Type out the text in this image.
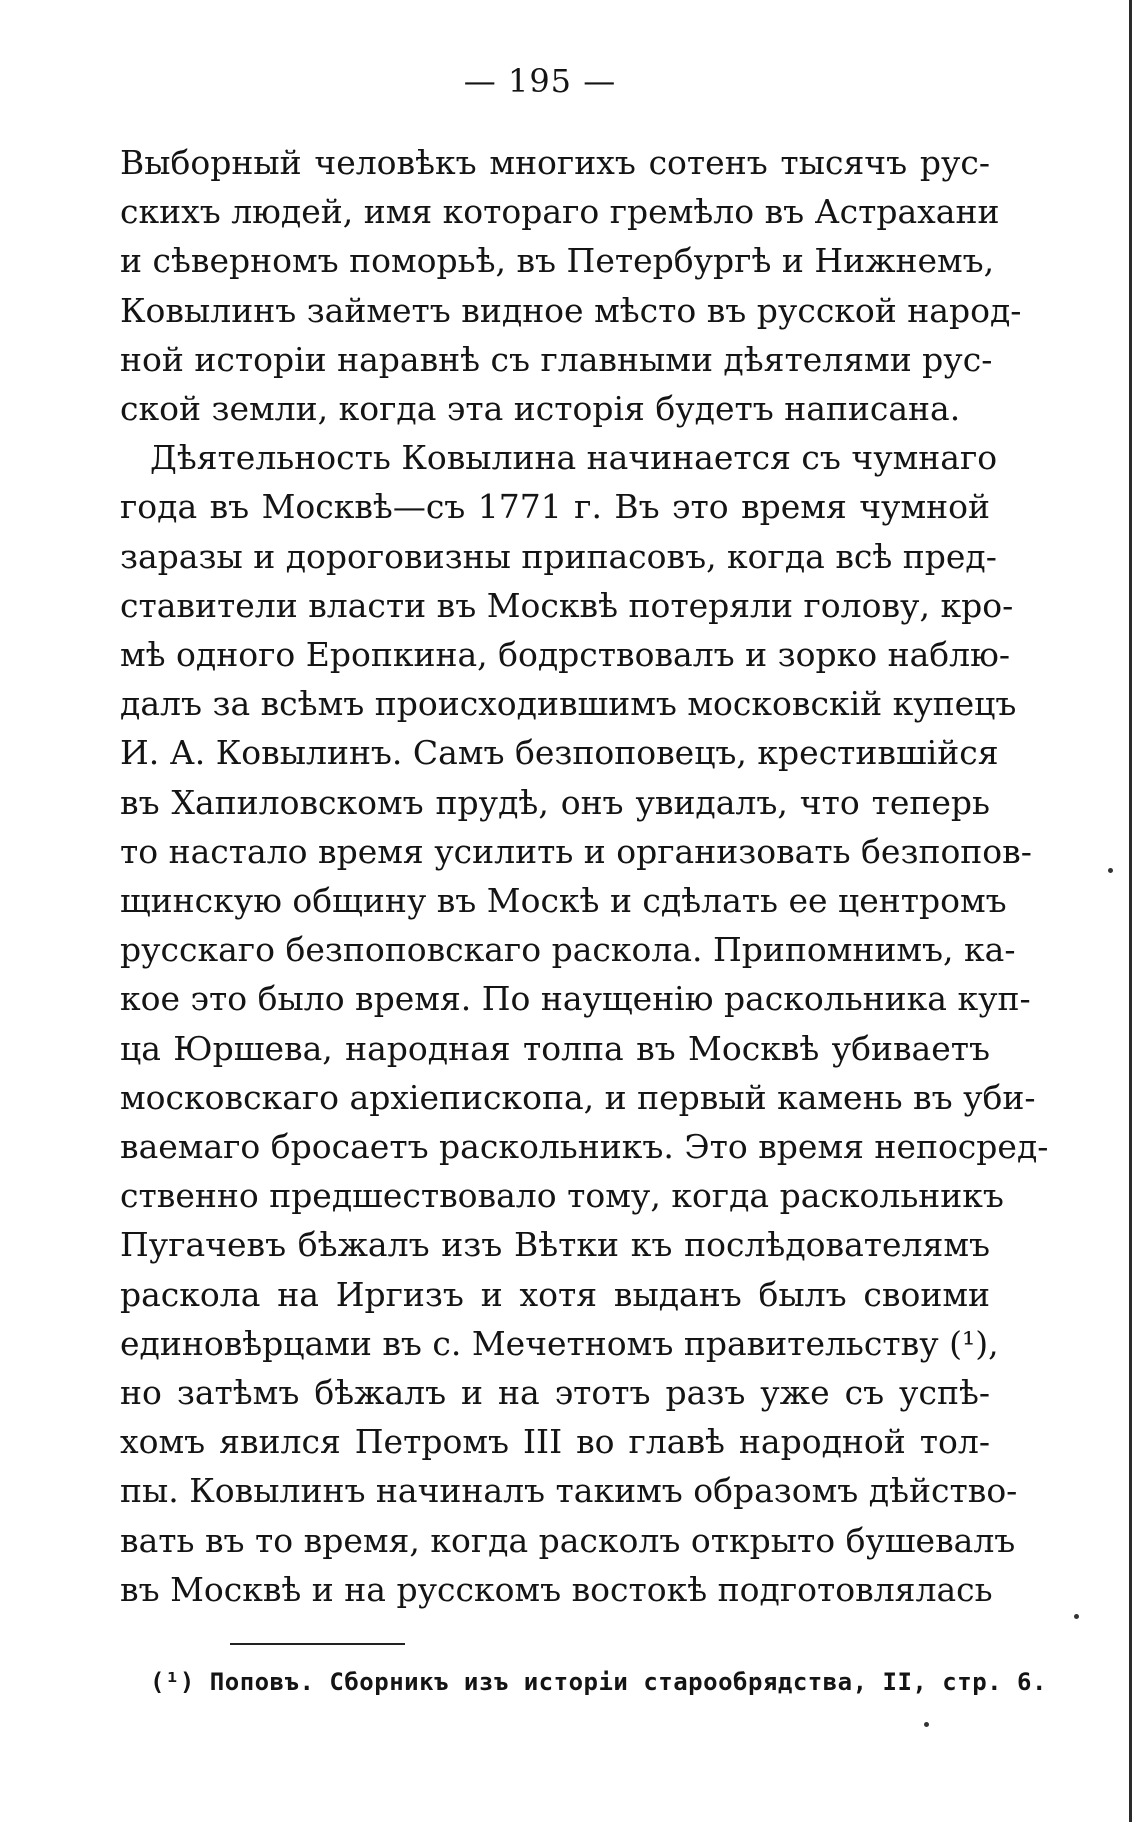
— 195 —
Выборный человѣкъ многихъ сотенъ тысячъ рус-
скихъ людей, имя котораго гремѣло въ Астрахани
и сѣверномъ поморьѣ, въ Петербургѣ и Нижнемъ,
Ковылинъ займетъ видное мѣсто въ русской народ-
ной исторіи наравнѣ съ главными дѣятелями рус-
ской земли, когда эта исторія будетъ написана.
Дѣятельность Ковылина начинается съ чумнаго
года въ Москвѣ—съ 1771 г. Въ это время чумной
заразы и дороговизны припасовъ, когда всѣ пред-
ставители власти въ Москвѣ потеряли голову, кро-
мѣ одного Еропкина, бодрствовалъ и зорко наблю-
далъ за всѣмъ происходившимъ московскій купецъ
И. А. Ковылинъ. Самъ безпоповецъ, крестившійся
въ Хапиловскомъ прудѣ, онъ увидалъ, что теперь
то настало время усилить и организовать безпопов-
щинскую общину въ Москѣ и сдѣлать ее центромъ
русскаго безпоповскаго раскола. Припомнимъ, ка-
кое это было время. По наущенію раскольника куп-
ца Юршева, народная толпа въ Москвѣ убиваетъ
московскаго архіепископа, и первый камень въ уби-
ваемаго бросаетъ раскольникъ. Это время непосред-
ственно предшествовало тому, когда раскольникъ
Пугачевъ бѣжалъ изъ Вѣтки къ послѣдователямъ
раскола на Иргизъ и хотя выданъ былъ своими
единовѣрцами въ с. Мечетномъ правительству (¹),
но затѣмъ бѣжалъ и на этотъ разъ уже съ успѣ-
хомъ явился Петромъ III во главѣ народной тол-
пы. Ковылинъ начиналъ такимъ образомъ дѣйство-
вать въ то время, когда расколъ открыто бушевалъ
въ Москвѣ и на русскомъ востокѣ подготовлялась
(¹) Поповъ. Сборникъ изъ исторіи старообрядства, II, стр. 6.
